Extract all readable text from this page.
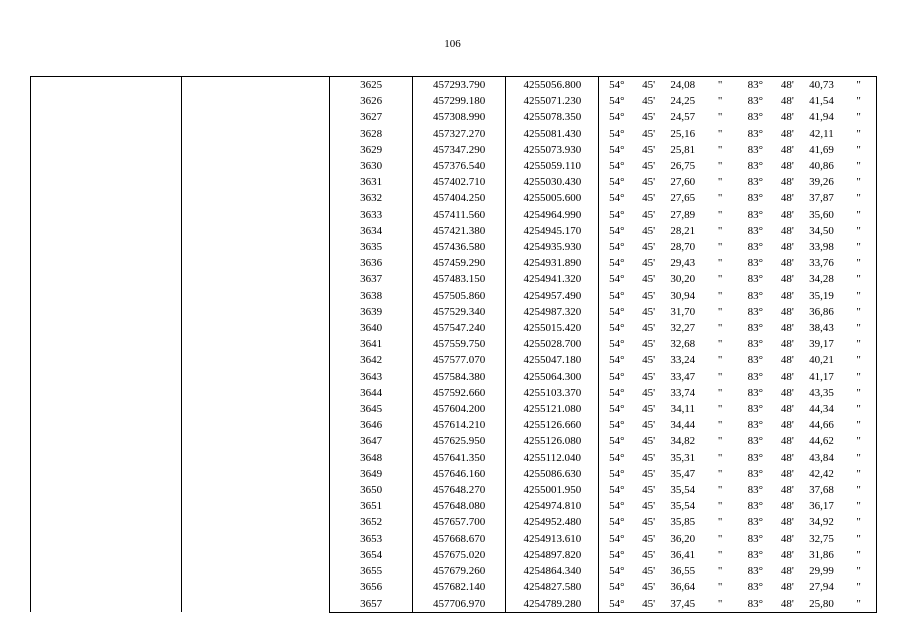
106
		3625	457293.790	4255056.800	54°	45'	24,08	"	83°	48'	40,73	"
		3626	457299.180	4255071.230	54°	45'	24,25	"	83°	48'	41,54	"
		3627	457308.990	4255078.350	54°	45'	24,57	"	83°	48'	41,94	"
		3628	457327.270	4255081.430	54°	45'	25,16	"	83°	48'	42,11	"
		3629	457347.290	4255073.930	54°	45'	25,81	"	83°	48'	41,69	"
		3630	457376.540	4255059.110	54°	45'	26,75	"	83°	48'	40,86	"
		3631	457402.710	4255030.430	54°	45'	27,60	"	83°	48'	39,26	"
		3632	457404.250	4255005.600	54°	45'	27,65	"	83°	48'	37,87	"
		3633	457411.560	4254964.990	54°	45'	27,89	"	83°	48'	35,60	"
		3634	457421.380	4254945.170	54°	45'	28,21	"	83°	48'	34,50	"
		3635	457436.580	4254935.930	54°	45'	28,70	"	83°	48'	33,98	"
		3636	457459.290	4254931.890	54°	45'	29,43	"	83°	48'	33,76	"
		3637	457483.150	4254941.320	54°	45'	30,20	"	83°	48'	34,28	"
		3638	457505.860	4254957.490	54°	45'	30,94	"	83°	48'	35,19	"
		3639	457529.340	4254987.320	54°	45'	31,70	"	83°	48'	36,86	"
		3640	457547.240	4255015.420	54°	45'	32,27	"	83°	48'	38,43	"
		3641	457559.750	4255028.700	54°	45'	32,68	"	83°	48'	39,17	"
		3642	457577.070	4255047.180	54°	45'	33,24	"	83°	48'	40,21	"
		3643	457584.380	4255064.300	54°	45'	33,47	"	83°	48'	41,17	"
		3644	457592.660	4255103.370	54°	45'	33,74	"	83°	48'	43,35	"
		3645	457604.200	4255121.080	54°	45'	34,11	"	83°	48'	44,34	"
		3646	457614.210	4255126.660	54°	45'	34,44	"	83°	48'	44,66	"
		3647	457625.950	4255126.080	54°	45'	34,82	"	83°	48'	44,62	"
		3648	457641.350	4255112.040	54°	45'	35,31	"	83°	48'	43,84	"
		3649	457646.160	4255086.630	54°	45'	35,47	"	83°	48'	42,42	"
		3650	457648.270	4255001.950	54°	45'	35,54	"	83°	48'	37,68	"
		3651	457648.080	4254974.810	54°	45'	35,54	"	83°	48'	36,17	"
		3652	457657.700	4254952.480	54°	45'	35,85	"	83°	48'	34,92	"
		3653	457668.670	4254913.610	54°	45'	36,20	"	83°	48'	32,75	"
		3654	457675.020	4254897.820	54°	45'	36,41	"	83°	48'	31,86	"
		3655	457679.260	4254864.340	54°	45'	36,55	"	83°	48'	29,99	"
		3656	457682.140	4254827.580	54°	45'	36,64	"	83°	48'	27,94	"
		3657	457706.970	4254789.280	54°	45'	37,45	"	83°	48'	25,80	"
